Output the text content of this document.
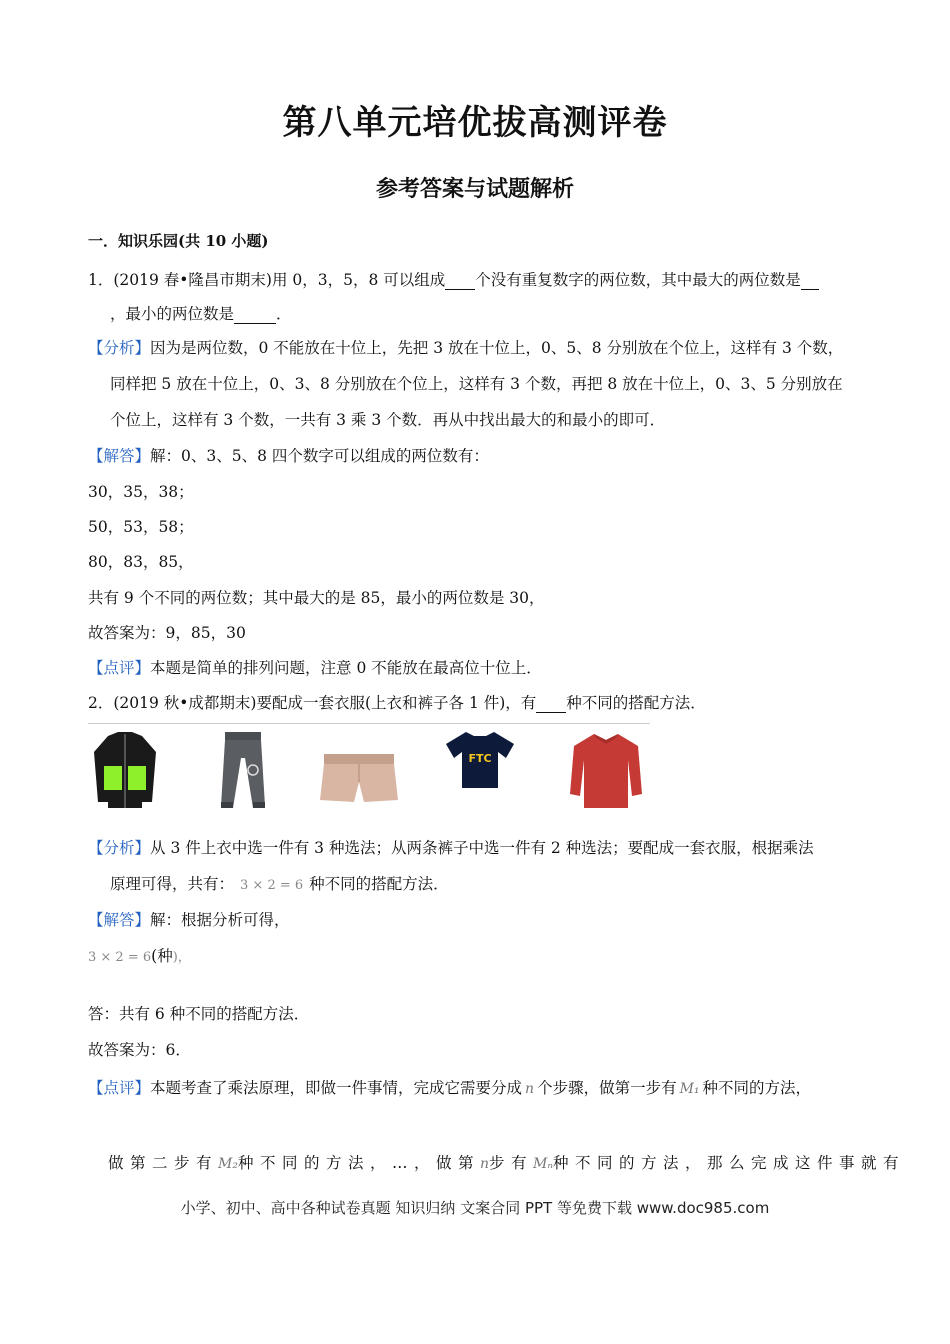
第八单元培优拔高测评卷
参考答案与试题解析
一．知识乐园(共 10 小题)
1．(2019 春•隆昌市期末)用 0，3，5，8 可以组成 个没有重复数字的两位数，其中最大的两位数是
，最小的两位数是	．
【分析】因为是两位数，0 不能放在十位上，先把 3 放在十位上，0、5、8 分别放在个位上，这样有 3 个数，
同样把 5 放在十位上，0、3、8 分别放在个位上，这样有 3 个数，再把 8 放在十位上，0、3、5 分别放在
个位上，这样有 3 个数，一共有 3 乘 3 个数．再从中找出最大的和最小的即可．
【解答】解：0、3、5、8 四个数字可以组成的两位数有：
30，35，38；
50，53，58；
80，83，85，
共有 9 个不同的两位数；其中最大的是 85，最小的两位数是 30，
故答案为：9，85，30
【点评】本题是简单的排列问题，注意 0 不能放在最高位十位上．
2．(2019 秋•成都期末)要配成一套衣服(上衣和裤子各 1 件)，有 种不同的搭配方法．
FTC
【分析】从 3 件上衣中选一件有 3 种选法；从两条裤子中选一件有 2 种选法；要配成一套衣服，根据乘法
原理可得，共有： 3 × 2 = 6 种不同的搭配方法．
【解答】解：根据分析可得，
3 × 2 = 6(种)，
答：共有 6 种不同的搭配方法．
故答案为：6．
【点评】本题考查了乘法原理，即做一件事情，完成它需要分成 n 个步骤，做第一步有 M₁ 种不同的方法，
做第二步有M₂种不同的方法，…，做第n步有Mₙ种不同的方法，那么完成这件事就有
小学、初中、高中各种试卷真题 知识归纳 文案合同 PPT 等免费下载 www.doc985.com
